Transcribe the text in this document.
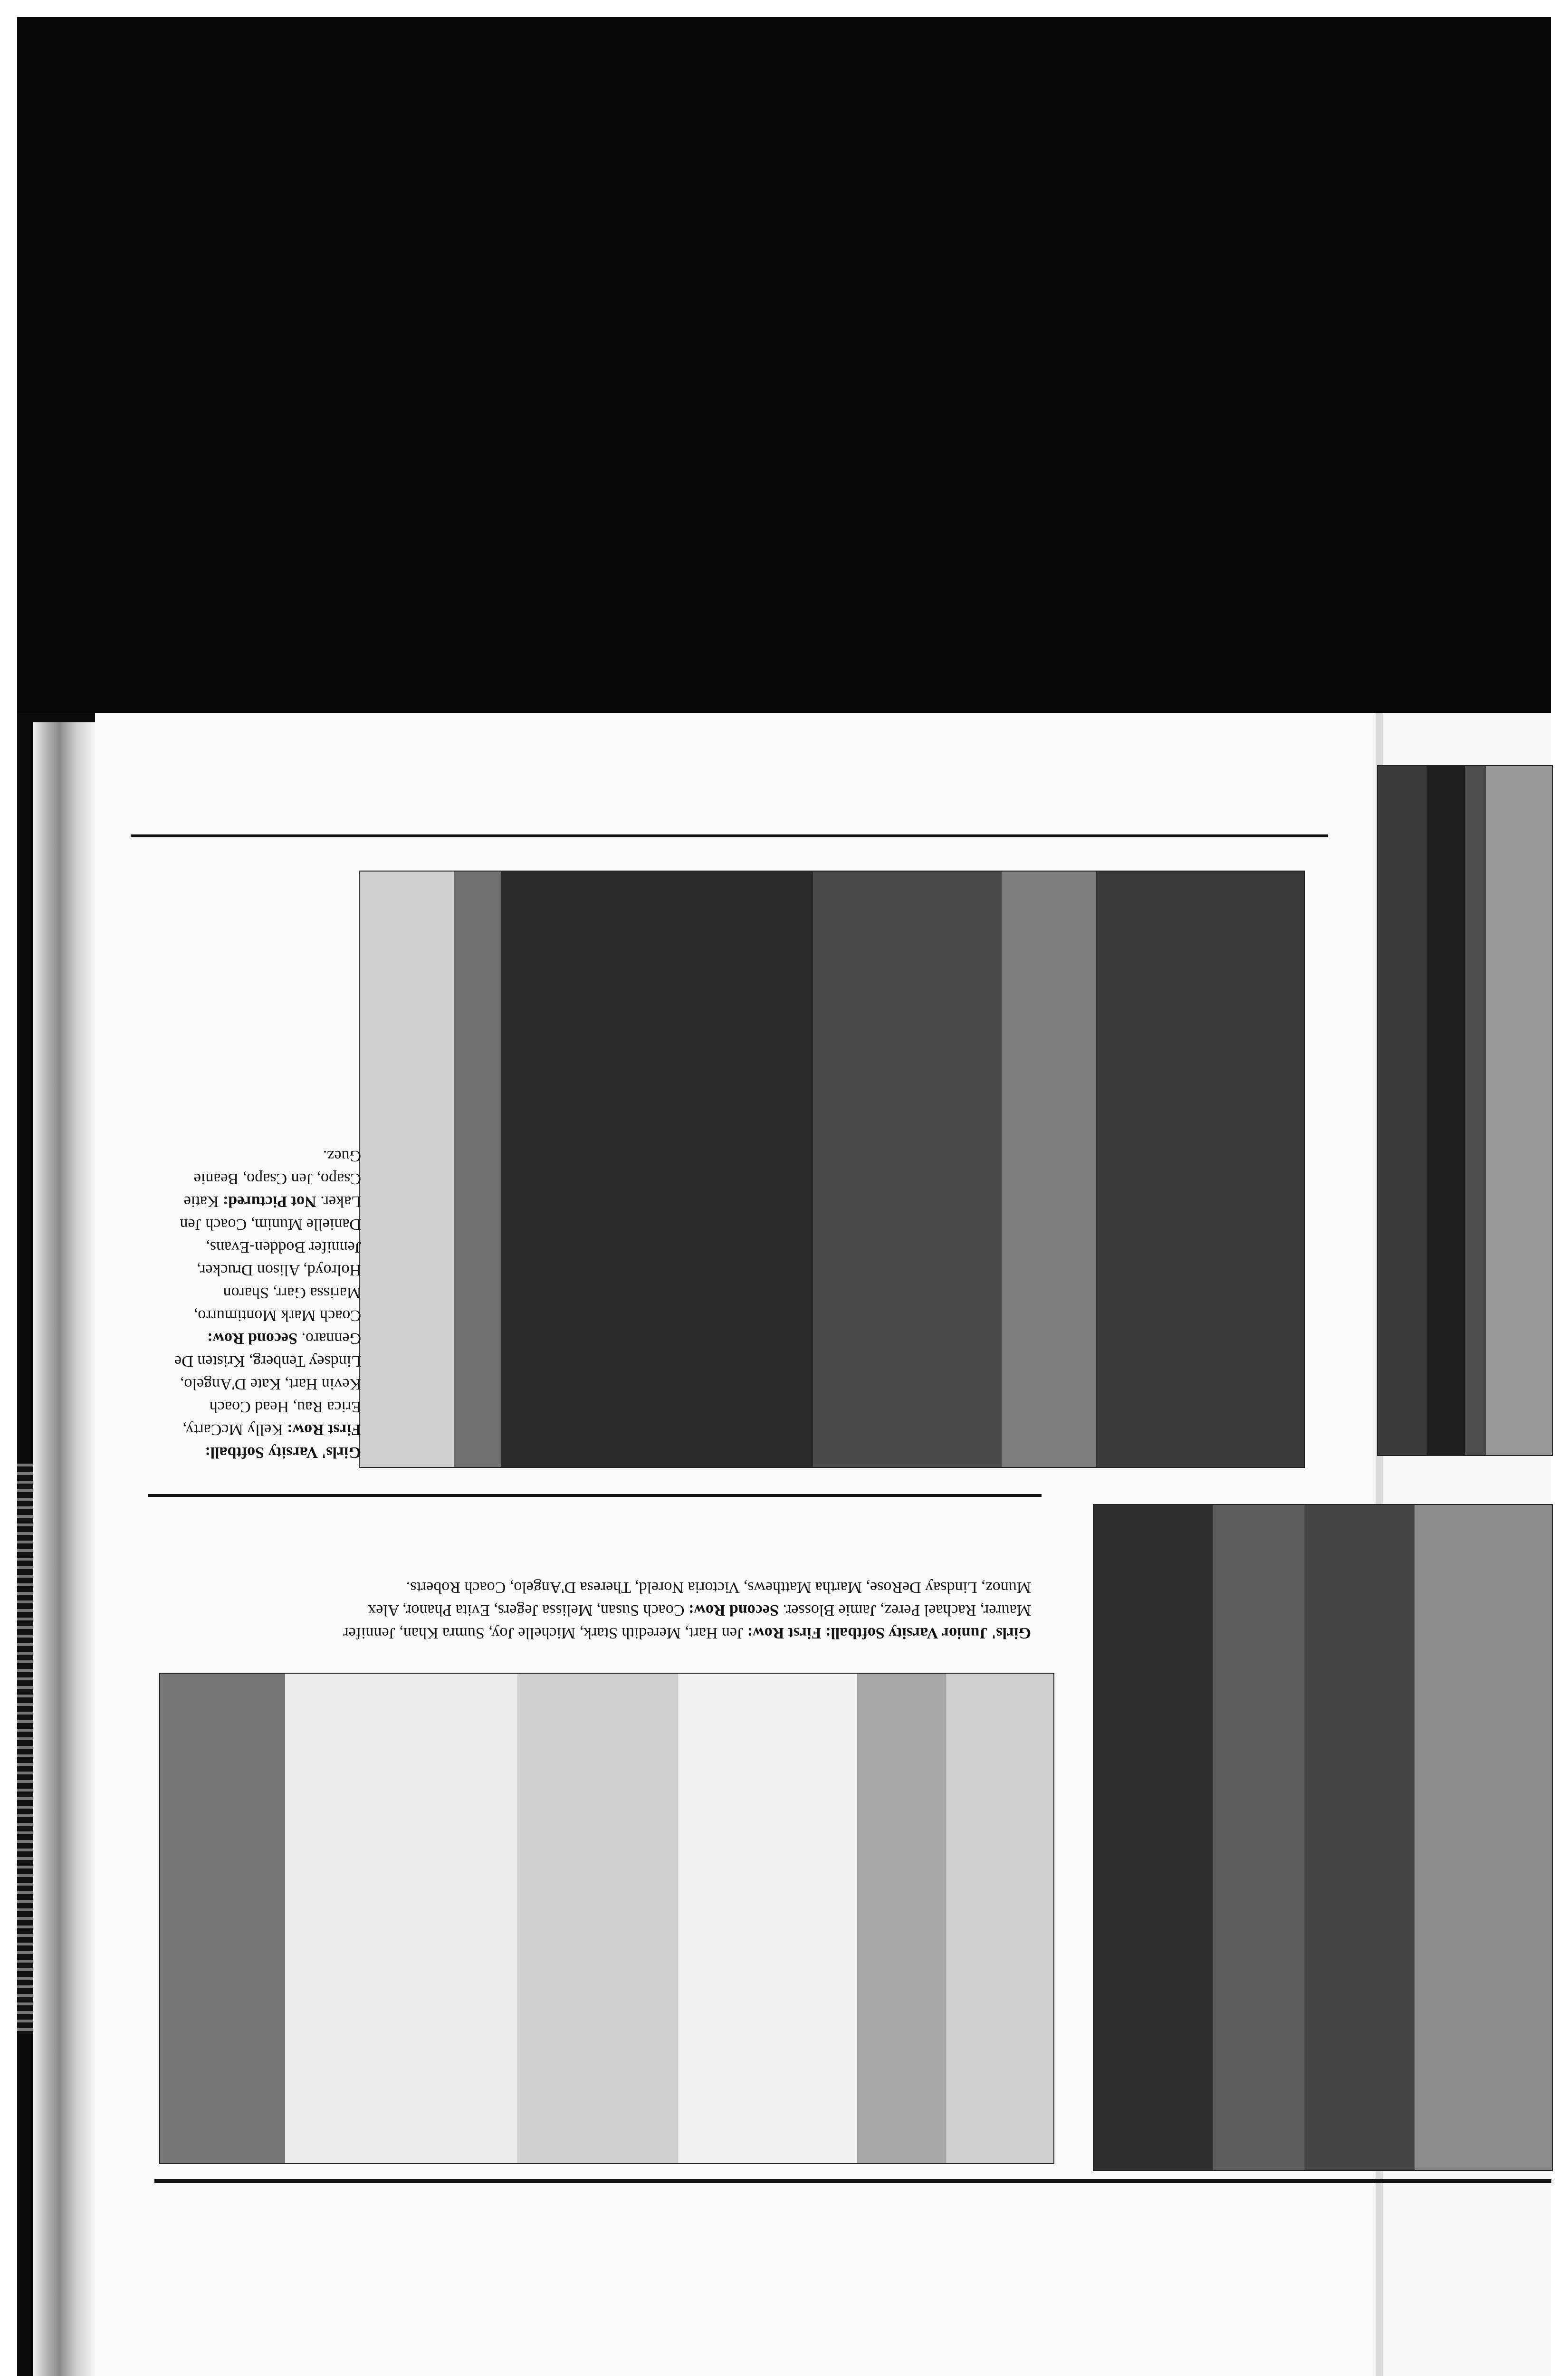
Girls' Varsity Softball: First Row: Kelly McCarty, Erica Rau, Head Coach Kevin Hart, Kate D'Angelo, Lindsey Tenberg, Kristen De Gennaro. Second Row: Coach Mark Montimurro, Marissa Garr, Sharon Holroyd, Alison Drucker, Jennifer Bodden-Evans, Danielle Munim, Coach Jen Laker. Not Pictured: Katie Csapo, Jen Csapo, Beanie Guez.
Girls' Junior Varsity Softball: First Row: Jen Hart, Meredith Stark, Michelle Joy, Sumra Khan, Jennifer Maurer, Rachael Perez, Jamie Blosser. Second Row: Coach Susan, Melissa Jegers, Evita Phanor, Alex Munoz, Lindsay DeRose, Martha Matthews, Victoria Noreld, Theresa D'Angelo, Coach Roberts.
